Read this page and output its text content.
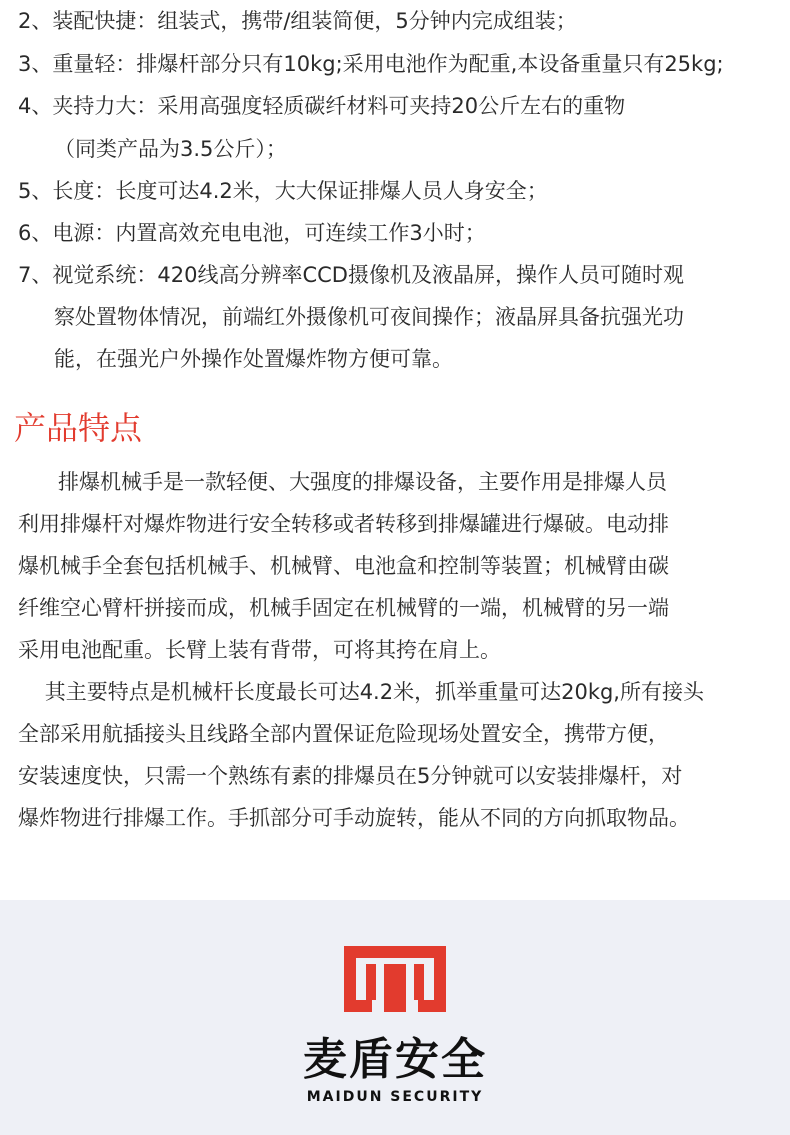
2、装配快捷：组装式，携带/组装简便，5分钟内完成组装；
3、重量轻：排爆杆部分只有10kg;采用电池作为配重,本设备重量只有25kg;
4、夹持力大：采用高强度轻质碳纤材料可夹持20公斤左右的重物
（同类产品为3.5公斤）；
5、长度：长度可达4.2米，大大保证排爆人员人身安全；
6、电源：内置高效充电电池，可连续工作3小时；
7、视觉系统：420线高分辨率CCD摄像机及液晶屏，操作人员可随时观
察处置物体情况，前端红外摄像机可夜间操作；液晶屏具备抗强光功
能，在强光户外操作处置爆炸物方便可靠。
产品特点
排爆机械手是一款轻便、大强度的排爆设备，主要作用是排爆人员
利用排爆杆对爆炸物进行安全转移或者转移到排爆罐进行爆破。电动排
爆机械手全套包括机械手、机械臂、电池盒和控制等装置；机械臂由碳
纤维空心臂杆拼接而成，机械手固定在机械臂的一端，机械臂的另一端
采用电池配重。长臂上装有背带，可将其挎在肩上。
其主要特点是机械杆长度最长可达4.2米，抓举重量可达20kg,所有接头
全部采用航插接头且线路全部内置保证危险现场处置安全，携带方便，
安装速度快，只需一个熟练有素的排爆员在5分钟就可以安装排爆杆，对
爆炸物进行排爆工作。手抓部分可手动旋转，能从不同的方向抓取物品。
麦盾安全
MAIDUN SECURITY
